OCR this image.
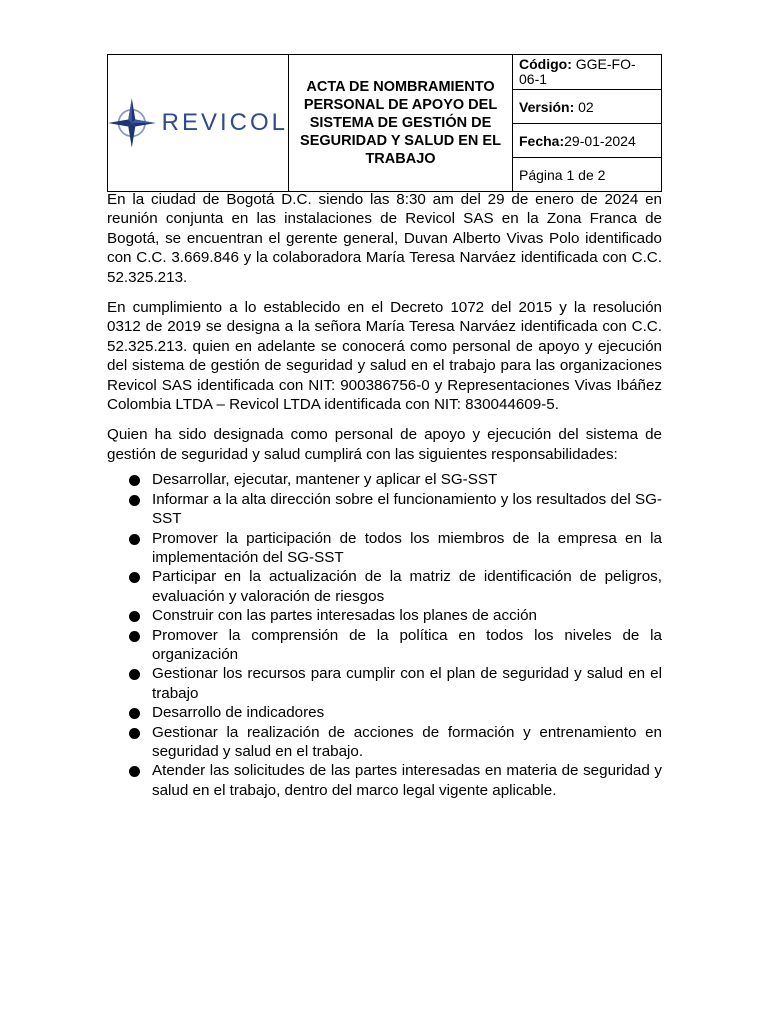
REVICOL
	ACTA DE NOMBRAMIENTO PERSONAL DE APOYO DEL SISTEMA DE GESTIÓN DE SEGURIDAD Y SALUD EN EL TRABAJO	Código: GGE-FO-06-1
Versión: 02
Fecha:29-01-2024
Página 1 de 2

En la ciudad de Bogotá D.C. siendo las 8:30 am del 29 de enero de 2024 en reunión conjunta en las instalaciones de Revicol SAS en la Zona Franca de Bogotá, se encuentran el gerente general, Duvan Alberto Vivas Polo identificado con C.C. 3.669.846 y la colaboradora María Teresa Narváez identificada con C.C. 52.325.213.

En cumplimiento a lo establecido en el Decreto 1072 del 2015 y la resolución 0312 de 2019 se designa a la señora María Teresa Narváez identificada con C.C. 52.325.213. quien en adelante se conocerá como personal de apoyo y ejecución del sistema de gestión de seguridad y salud en el trabajo para las organizaciones Revicol SAS identificada con NIT: 900386756-0 y Representaciones Vivas Ibáñez Colombia LTDA – Revicol LTDA identificada con NIT: 830044609-5.

Quien ha sido designada como personal de apoyo y ejecución del sistema de gestión de seguridad y salud cumplirá con las siguientes responsabilidades:

Desarrollar, ejecutar, mantener y aplicar el SG-SST
Informar a la alta dirección sobre el funcionamiento y los resultados del SG-SST
Promover la participación de todos los miembros de la empresa en la implementación del SG-SST
Participar en la actualización de la matriz de identificación de peligros, evaluación y valoración de riesgos
Construir con las partes interesadas los planes de acción
Promover la comprensión de la política en todos los niveles de la organización
Gestionar los recursos para cumplir con el plan de seguridad y salud en el trabajo
Desarrollo de indicadores
Gestionar la realización de acciones de formación y entrenamiento en seguridad y salud en el trabajo.
Atender las solicitudes de las partes interesadas en materia de seguridad y salud en el trabajo, dentro del marco legal vigente aplicable.
